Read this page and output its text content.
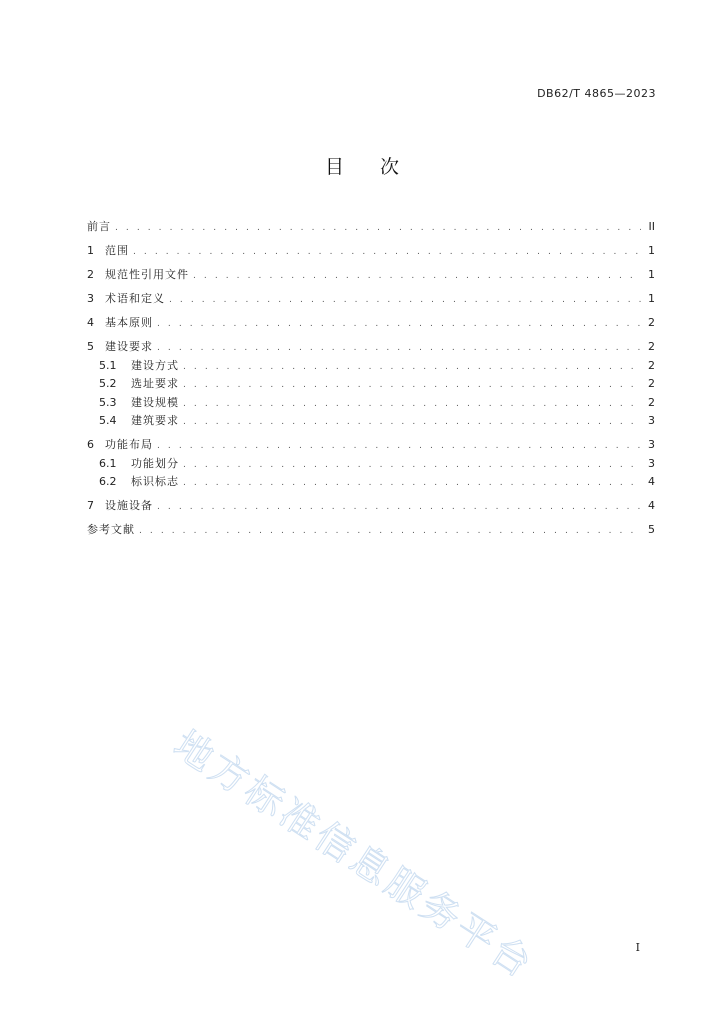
DB62/T 4865—2023
目次
前言 . . .	II
1	范围 . . .	1
2	规范性引用文件 . . .	1
3	术语和定义 . . .	1
4	基本原则 . . .	2
5	建设要求 . . .	2
5.1	建设方式 . . .	2
5.2	选址要求 . . .	2
5.3	建设规模 . . .	2
5.4	建筑要求 . . .	3
6	功能布局 . . .	3
6.1	功能划分 . . .	3
6.2	标识标志 . . .	4
7	设施设备 . . .	4
参考文献 . . .	5
地方标准信息服务平台	I
